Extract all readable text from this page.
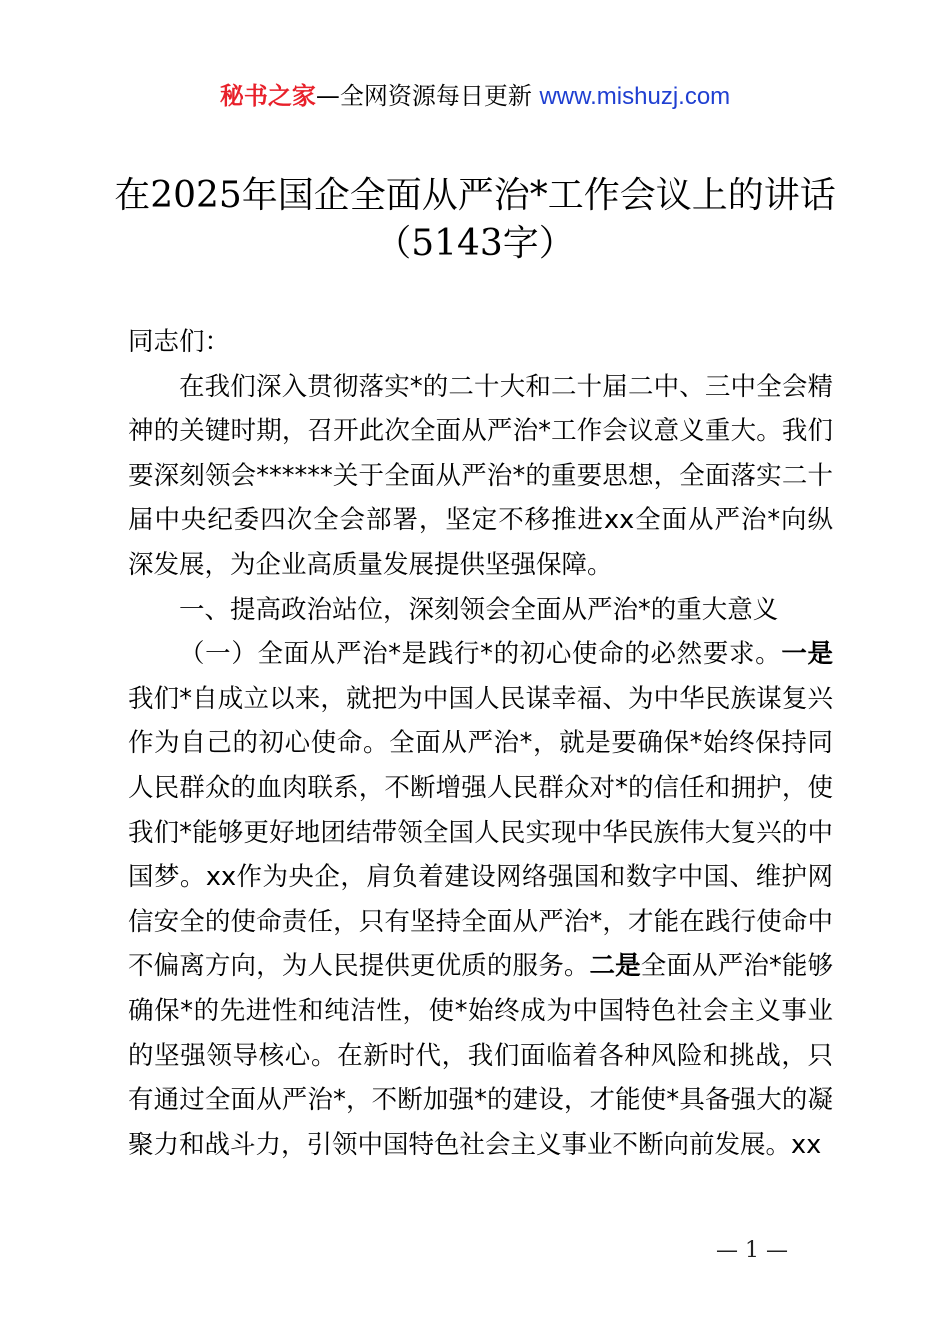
秘书之家—全网资源每日更新 www.mishuzj.com
在2025年国企全面从严治*工作会议上的讲话
（5143字）

同志们：

在我们深入贯彻落实*的二十大和二十届二中、三中全会精神的关键时期，召开此次全面从严治*工作会议意义重大。我们要深刻领会******关于全面从严治*的重要思想，全面落实二十届中央纪委四次全会部署，坚定不移推进xx全面从严治*向纵深发展，为企业高质量发展提供坚强保障。

一、提高政治站位，深刻领会全面从严治*的重大意义

（一）全面从严治*是践行*的初心使命的必然要求。一是我们*自成立以来，就把为中国人民谋幸福、为中华民族谋复兴作为自己的初心使命。全面从严治*，就是要确保*始终保持同人民群众的血肉联系，不断增强人民群众对*的信任和拥护，使我们*能够更好地团结带领全国人民实现中华民族伟大复兴的中国梦。xx作为央企，肩负着建设网络强国和数字中国、维护网信安全的使命责任，只有坚持全面从严治*，才能在践行使命中不偏离方向，为人民提供更优质的服务。二是全面从严治*能够确保*的先进性和纯洁性，使*始终成为中国特色社会主义事业的坚强领导核心。在新时代，我们面临着各种风险和挑战，只有通过全面从严治*，不断加强*的建设，才能使*具备强大的凝聚力和战斗力，引领中国特色社会主义事业不断向前发展。xx

— 1 —
